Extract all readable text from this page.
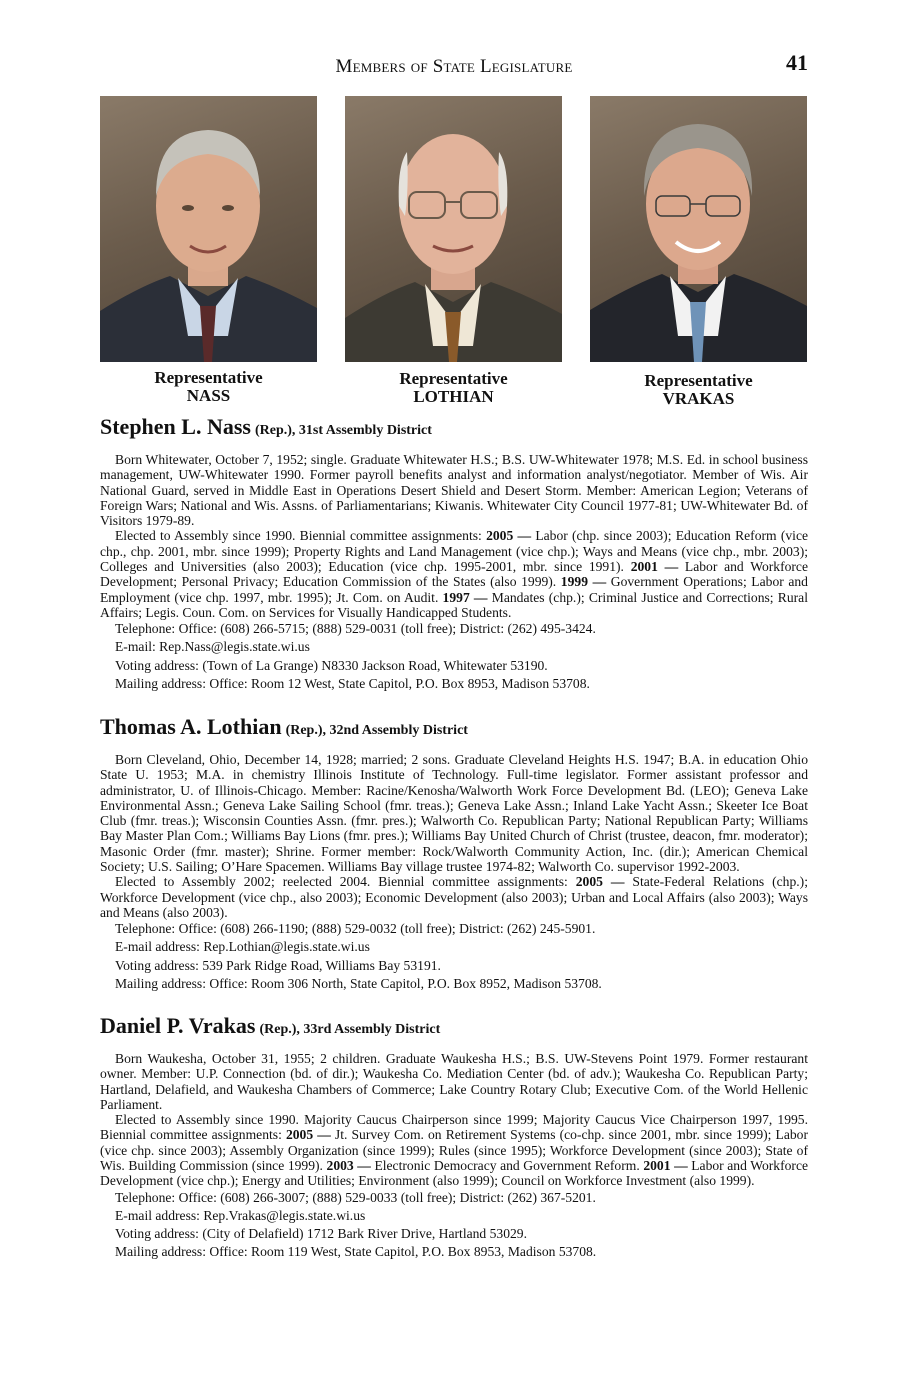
Members of State Legislature	41
Representative
NASS
Representative
LOTHIAN
Representative
VRAKAS
Stephen L. Nass (Rep.), 31st Assembly District

Born Whitewater, October 7, 1952; single. Graduate Whitewater H.S.; B.S. UW-Whitewater 1978; M.S. Ed. in school business management, UW-Whitewater 1990. Former payroll benefits analyst and information analyst/negotiator. Member of Wis. Air National Guard, served in Middle East in Operations Desert Shield and Desert Storm. Member: American Legion; Veterans of Foreign Wars; National and Wis. Assns. of Parliamentarians; Kiwanis. Whitewater City Council 1977-81; UW-Whitewater Bd. of Visitors 1979-89.

Elected to Assembly since 1990. Biennial committee assignments: 2005 — Labor (chp. since 2003); Education Reform (vice chp., chp. 2001, mbr. since 1999); Property Rights and Land Management (vice chp.); Ways and Means (vice chp., mbr. 2003); Colleges and Universities (also 2003); Education (vice chp. 1995-2001, mbr. since 1991). 2001 — Labor and Workforce Development; Personal Privacy; Education Commission of the States (also 1999). 1999 — Government Operations; Labor and Employment (vice chp. 1997, mbr. 1995); Jt. Com. on Audit. 1997 — Mandates (chp.); Criminal Justice and Corrections; Rural Affairs; Legis. Coun. Com. on Services for Visually Handicapped Students.

Telephone: Office: (608) 266-5715; (888) 529-0031 (toll free); District: (262) 495-3424.

E-mail: Rep.Nass@legis.state.wi.us

Voting address: (Town of La Grange) N8330 Jackson Road, Whitewater 53190.

Mailing address: Office: Room 12 West, State Capitol, P.O. Box 8953, Madison 53708.

Thomas A. Lothian (Rep.), 32nd Assembly District

Born Cleveland, Ohio, December 14, 1928; married; 2 sons. Graduate Cleveland Heights H.S. 1947; B.A. in education Ohio State U. 1953; M.A. in chemistry Illinois Institute of Technology. Full-time legislator. Former assistant professor and administrator, U. of Illinois-Chicago. Member: Racine/Kenosha/Walworth Work Force Development Bd. (LEO); Geneva Lake Environmental Assn.; Geneva Lake Sailing School (fmr. treas.); Geneva Lake Assn.; Inland Lake Yacht Assn.; Skeeter Ice Boat Club (fmr. treas.); Wisconsin Counties Assn. (fmr. pres.); Walworth Co. Republican Party; National Republican Party; Williams Bay Master Plan Com.; Williams Bay Lions (fmr. pres.); Williams Bay United Church of Christ (trustee, deacon, fmr. moderator); Masonic Order (fmr. master); Shrine. Former member: Rock/Walworth Community Action, Inc. (dir.); American Chemical Society; U.S. Sailing; O’Hare Spacemen. Williams Bay village trustee 1974-82; Walworth Co. supervisor 1992-2003.

Elected to Assembly 2002; reelected 2004. Biennial committee assignments: 2005 — State-Federal Relations (chp.); Workforce Development (vice chp., also 2003); Economic Development (also 2003); Urban and Local Affairs (also 2003); Ways and Means (also 2003).

Telephone: Office: (608) 266-1190; (888) 529-0032 (toll free); District: (262) 245-5901.

E-mail address: Rep.Lothian@legis.state.wi.us

Voting address: 539 Park Ridge Road, Williams Bay 53191.

Mailing address: Office: Room 306 North, State Capitol, P.O. Box 8952, Madison 53708.

Daniel P. Vrakas (Rep.), 33rd Assembly District

Born Waukesha, October 31, 1955; 2 children. Graduate Waukesha H.S.; B.S. UW-Stevens Point 1979. Former restaurant owner. Member: U.P. Connection (bd. of dir.); Waukesha Co. Mediation Center (bd. of adv.); Waukesha Co. Republican Party; Hartland, Delafield, and Waukesha Chambers of Commerce; Lake Country Rotary Club; Executive Com. of the World Hellenic Parliament.

Elected to Assembly since 1990. Majority Caucus Chairperson since 1999; Majority Caucus Vice Chairperson 1997, 1995. Biennial committee assignments: 2005 — Jt. Survey Com. on Retirement Systems (co-chp. since 2001, mbr. since 1999); Labor (vice chp. since 2003); Assembly Organization (since 1999); Rules (since 1995); Workforce Development (since 2003); State of Wis. Building Commission (since 1999). 2003 — Electronic Democracy and Government Reform. 2001 — Labor and Workforce Development (vice chp.); Energy and Utilities; Environment (also 1999); Council on Workforce Investment (also 1999).

Telephone: Office: (608) 266-3007; (888) 529-0033 (toll free); District: (262) 367-5201.

E-mail address: Rep.Vrakas@legis.state.wi.us

Voting address: (City of Delafield) 1712 Bark River Drive, Hartland 53029.

Mailing address: Office: Room 119 West, State Capitol, P.O. Box 8953, Madison 53708.
